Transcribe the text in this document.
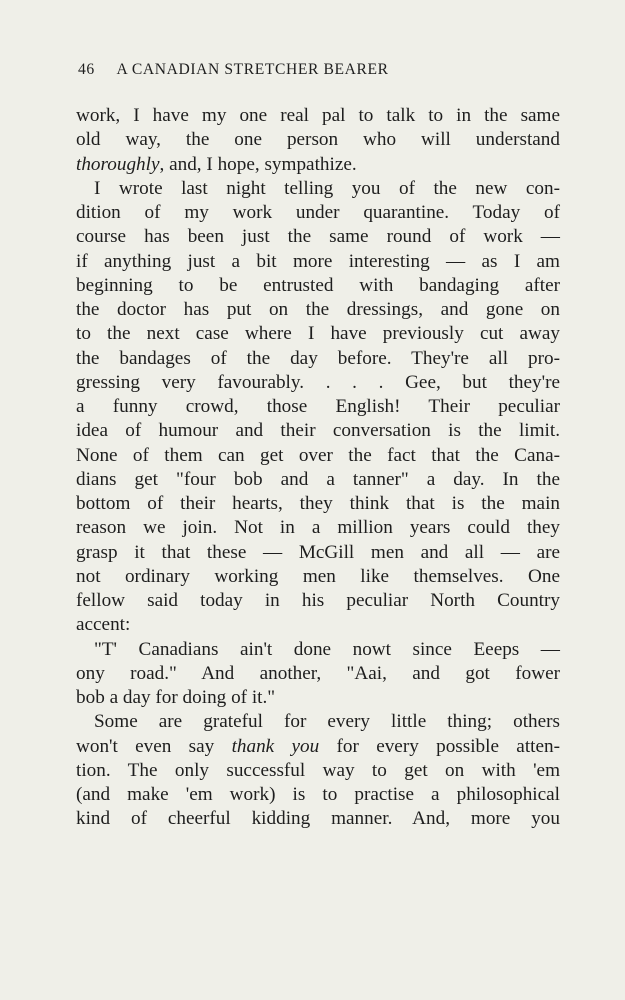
46 A CANADIAN STRETCHER BEARER
work, I have my one real pal to talk to in the same
old way, the one person who will understand
thoroughly, and, I hope, sympathize.
I wrote last night telling you of the new con-
dition of my work under quarantine. Today of
course has been just the same round of work —
if anything just a bit more interesting — as I am
beginning to be entrusted with bandaging after
the doctor has put on the dressings, and gone on
to the next case where I have previously cut away
the bandages of the day before. They're all pro-
gressing very favourably. . . . Gee, but they're
a funny crowd, those English! Their peculiar
idea of humour and their conversation is the limit.
None of them can get over the fact that the Cana-
dians get "four bob and a tanner" a day. In the
bottom of their hearts, they think that is the main
reason we join. Not in a million years could they
grasp it that these — McGill men and all — are
not ordinary working men like themselves. One
fellow said today in his peculiar North Country
accent:
"T' Canadians ain't done nowt since Eeeps —
ony road." And another, "Aai, and got fower
bob a day for doing of it."
Some are grateful for every little thing; others
won't even say thank you for every possible atten-
tion. The only successful way to get on with 'em
(and make 'em work) is to practise a philosophical
kind of cheerful kidding manner. And, more you
